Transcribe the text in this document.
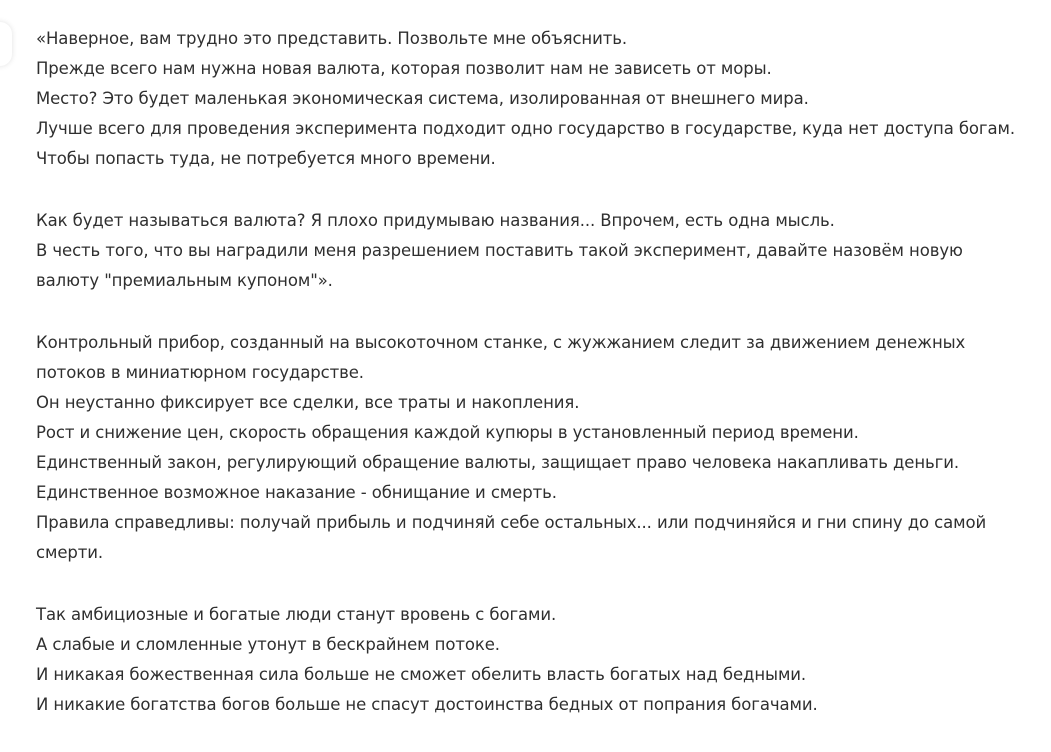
«Наверное, вам трудно это представить. Позвольте мне объяснить.
Прежде всего нам нужна новая валюта, которая позволит нам не зависеть от моры.
Место? Это будет маленькая экономическая система, изолированная от внешнего мира.
Лучше всего для проведения эксперимента подходит одно государство в государстве, куда нет доступа богам.
Чтобы попасть туда, не потребуется много времени.

Как будет называться валюта? Я плохо придумываю названия... Впрочем, есть одна мысль.
В честь того, что вы наградили меня разрешением поставить такой эксперимент, давайте назовём новую валюту "премиальным купоном"».

Контрольный прибор, созданный на высокоточном станке, с жужжанием следит за движением денежных потоков в миниатюрном государстве.
Он неустанно фиксирует все сделки, все траты и накопления.
Рост и снижение цен, скорость обращения каждой купюры в установленный период времени.
Единственный закон, регулирующий обращение валюты, защищает право человека накапливать деньги.
Единственное возможное наказание - обнищание и смерть.
Правила справедливы: получай прибыль и подчиняй себе остальных... или подчиняйся и гни спину до самой смерти.

Так амбициозные и богатые люди станут вровень с богами.
А слабые и сломленные утонут в бескрайнем потоке.
И никакая божественная сила больше не сможет обелить власть богатых над бедными.
И никакие богатства богов больше не спасут достоинства бедных от попрания богачами.
